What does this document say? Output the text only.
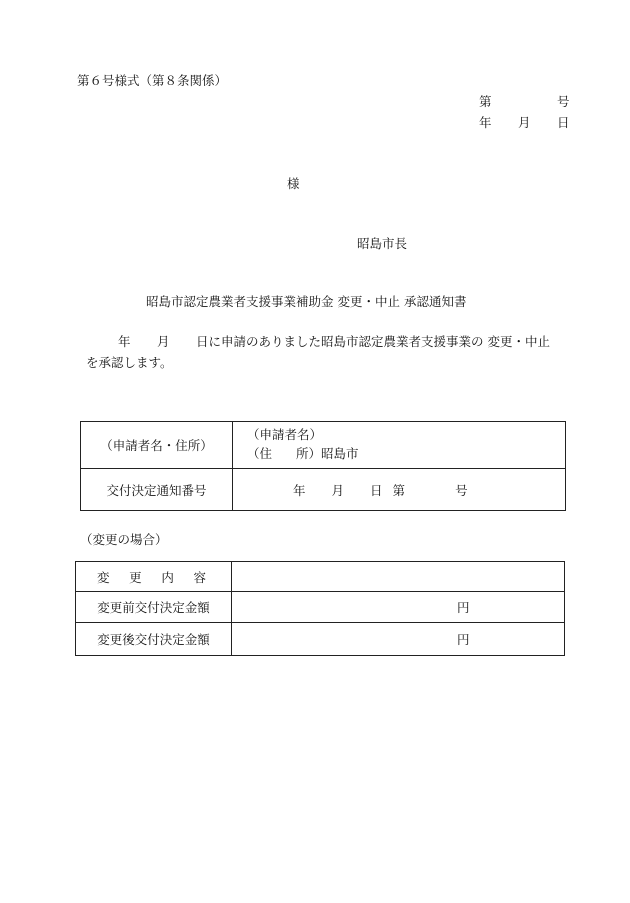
第６号様式（第８条関係）
第	号
年 月 日
様
昭島市長
昭島市認定農業者支援事業補助金 変更・中止 承認通知書
年 月 日に申請のありました昭島市認定農業者支援事業の 変更・中止
を承認します。
（申請者名・住所）	（申請者名）
（住 所）昭島市

交付決定通知番号	年 月 日 第 号
（変更の場合）
変 更 内 容	

変更前交付決定金額	円
変更後交付決定金額	円
